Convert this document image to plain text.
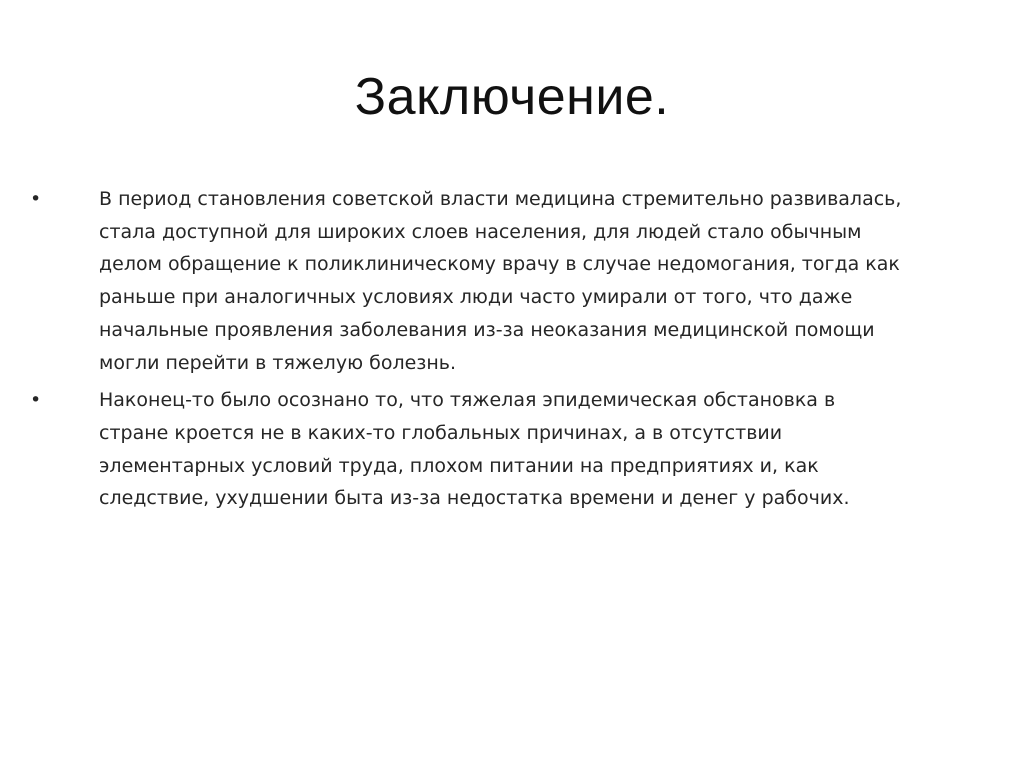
Заключение.
•	В период становления советской власти медицина стремительно развивалась,
стала доступной для широких слоев населения, для людей стало обычным
делом обращение к поликлиническому врачу в случае недомогания, тогда как
раньше при аналогичных условиях люди часто умирали от того, что даже
начальные проявления заболевания из-за неоказания медицинской помощи
могли перейти в тяжелую болезнь.
•	Наконец-то было осознано то, что тяжелая эпидемическая обстановка в
стране кроется не в каких-то глобальных причинах, а в отсутствии
элементарных условий труда, плохом питании на предприятиях и, как
следствие, ухудшении быта из-за недостатка времени и денег у рабочих.
